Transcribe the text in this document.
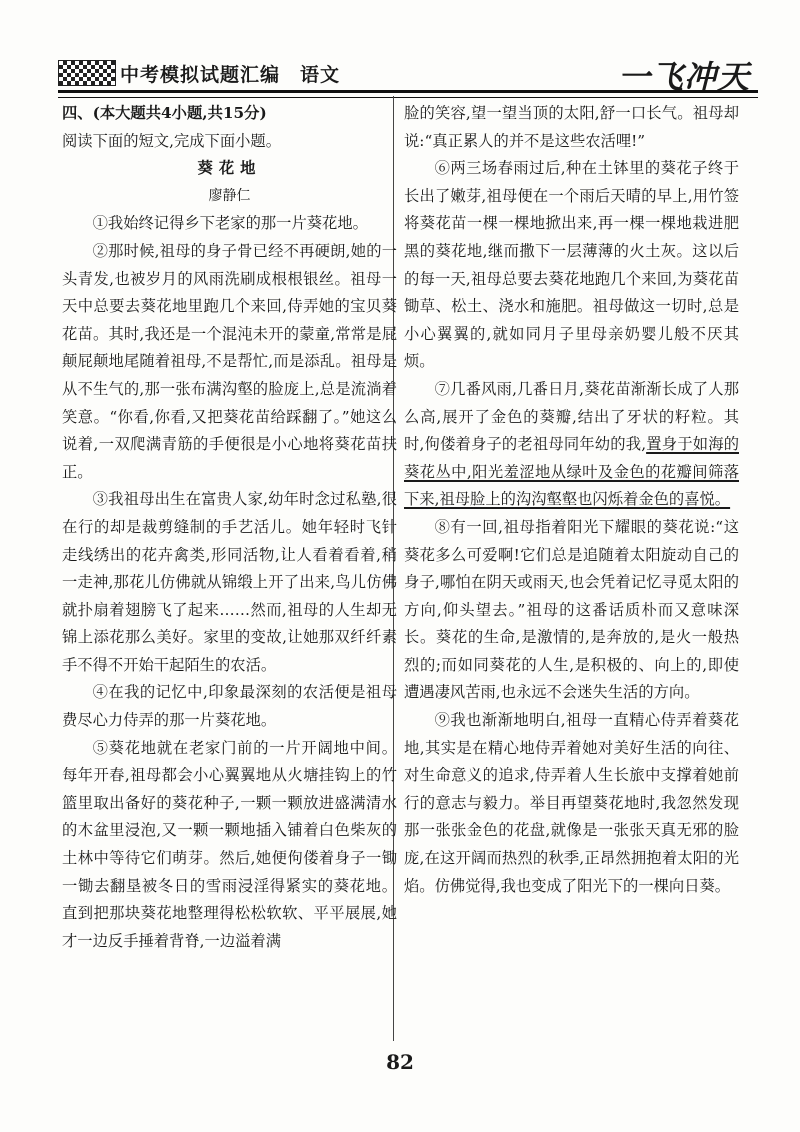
中考模拟试题汇编　语文	一飞冲天

四、(本大题共4小题,共15分)

阅读下面的短文,完成下面小题。

葵花地

廖静仁

①我始终记得乡下老家的那一片葵花地。

②那时候,祖母的身子骨已经不再硬朗,她的一头青发,也被岁月的风雨洗刷成根根银丝。祖母一天中总要去葵花地里跑几个来回,侍弄她的宝贝葵花苗。其时,我还是一个混沌未开的蒙童,常常是屁颠屁颠地尾随着祖母,不是帮忙,而是添乱。祖母是从不生气的,那一张布满沟壑的脸庞上,总是流淌着笑意。“你看,你看,又把葵花苗给踩翻了。”她这么说着,一双爬满青筋的手便很是小心地将葵花苗扶正。

③我祖母出生在富贵人家,幼年时念过私塾,很在行的却是裁剪缝制的手艺活儿。她年轻时飞针走线绣出的花卉禽类,形同活物,让人看着看着,稍一走神,那花儿仿佛就从锦缎上开了出来,鸟儿仿佛就扑扇着翅膀飞了起来……然而,祖母的人生却无锦上添花那么美好。家里的变故,让她那双纤纤素手不得不开始干起陌生的农活。

④在我的记忆中,印象最深刻的农活便是祖母费尽心力侍弄的那一片葵花地。

⑤葵花地就在老家门前的一片开阔地中间。每年开春,祖母都会小心翼翼地从火塘挂钩上的竹篮里取出备好的葵花种子,一颗一颗放进盛满清水的木盆里浸泡,又一颗一颗地插入铺着白色柴灰的土林中等待它们萌芽。然后,她便佝偻着身子一锄一锄去翻垦被冬日的雪雨浸淫得紧实的葵花地。直到把那块葵花地整理得松松软软、平平展展,她才一边反手捶着背脊,一边溢着满

脸的笑容,望一望当顶的太阳,舒一口长气。祖母却说:“真正累人的并不是这些农活哩!”

⑥两三场春雨过后,种在土钵里的葵花子终于长出了嫩芽,祖母便在一个雨后天晴的早上,用竹签将葵花苗一棵一棵地掀出来,再一棵一棵地栽进肥黑的葵花地,继而撒下一层薄薄的火土灰。这以后的每一天,祖母总要去葵花地跑几个来回,为葵花苗锄草、松土、浇水和施肥。祖母做这一切时,总是小心翼翼的,就如同月子里母亲奶婴儿般不厌其烦。

⑦几番风雨,几番日月,葵花苗渐渐长成了人那么高,展开了金色的葵瓣,结出了牙状的籽粒。其时,佝偻着身子的老祖母同年幼的我,置身于如海的葵花丛中,阳光羞涩地从绿叶及金色的花瓣间筛落下来,祖母脸上的沟沟壑壑也闪烁着金色的喜悦。

⑧有一回,祖母指着阳光下耀眼的葵花说:“这葵花多么可爱啊!它们总是追随着太阳旋动自己的身子,哪怕在阴天或雨天,也会凭着记忆寻觅太阳的方向,仰头望去。”祖母的这番话质朴而又意味深长。葵花的生命,是激情的,是奔放的,是火一般热烈的;而如同葵花的人生,是积极的、向上的,即使遭遇凄风苦雨,也永远不会迷失生活的方向。

⑨我也渐渐地明白,祖母一直精心侍弄着葵花地,其实是在精心地侍弄着她对美好生活的向往、对生命意义的追求,侍弄着人生长旅中支撑着她前行的意志与毅力。举目再望葵花地时,我忽然发现那一张张金色的花盘,就像是一张张天真无邪的脸庞,在这开阔而热烈的秋季,正昂然拥抱着太阳的光焰。仿佛觉得,我也变成了阳光下的一棵向日葵。

82
